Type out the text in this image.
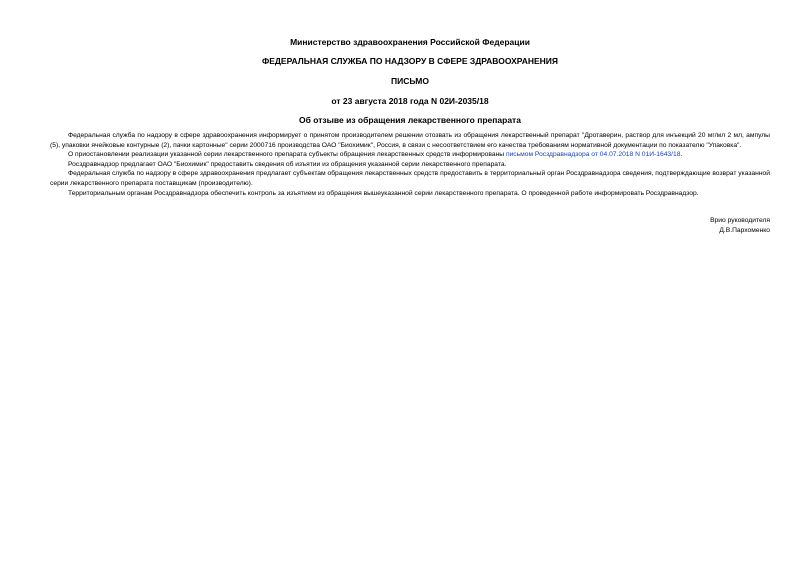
Министерство здравоохранения Российской Федерации
ФЕДЕРАЛЬНАЯ СЛУЖБА ПО НАДЗОРУ В СФЕРЕ ЗДРАВООХРАНЕНИЯ
ПИСЬМО
от 23 августа 2018 года N 02И-2035/18
Об отзыве из обращения лекарственного препарата

Федеральная служба по надзору в сфере здравоохранения информирует о принятом производителем решении отозвать из обращения лекарственный препарат "Дротаверин, раствор для инъекций 20 мг/мл 2 мл, ампулы (5), упаковки ячейковые контурные (2), пачки картонные" серии 2000716 производства ОАО "Биохимик", Россия, в связи с несоответствием его качества требованиям нормативной документации по показателю "Упаковка".

О приостановлении реализации указанной серии лекарственного препарата субъекты обращения лекарственных средств информированы письмом Росздравнадзора от 04.07.2018 N 01И-1643/18.

Росздравнадзор предлагает ОАО "Биохимик" предоставить сведения об изъятии из обращения указанной серии лекарственного препарата.

Федеральная служба по надзору в сфере здравоохранения предлагает субъектам обращения лекарственных средств предоставить в территориальный орган Росздравнадзора сведения, подтверждающие возврат указанной серии лекарственного препарата поставщикам (производителю).

Территориальным органам Росздравнадзора обеспечить контроль за изъятием из обращения вышеуказанной серии лекарственного препарата. О проведенной работе информировать Росздравнадзор.

Врио руководителя
Д.В.Пархоменко
